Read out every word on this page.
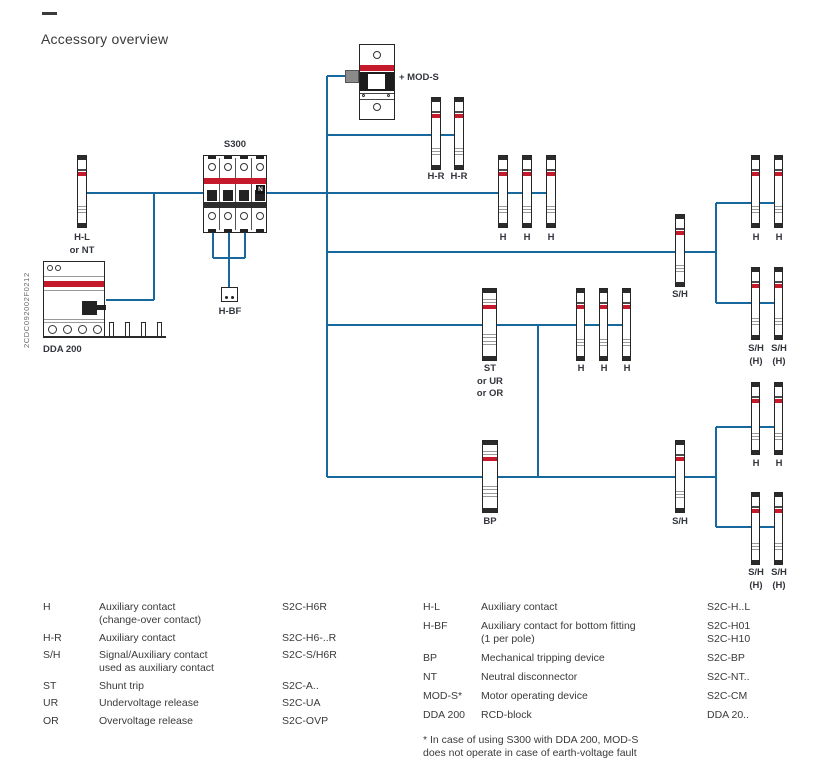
Accessory overview
2CDC092002F0212
N
H-L
or NT
DDA 200
S300
H-BF
+ MOD-S
H-R H-R
H H H
S/H
H H
S/H
(H)
S/H
(H)
ST
or UR
or OR
H H H
BP	S/H
H H
S/H
(H)
S/H
(H)
H	Auxiliary contact
(change-over contact)
S2C-H6R
H-R	Auxiliary contact	S2C-H6-..R
S/H	Signal/Auxiliary contact
used as auxiliary contact
S2C-S/H6R
ST	Shunt trip	S2C-A..
UR	Undervoltage release	S2C-UA
OR	Overvoltage release	S2C-OVP
H-L	Auxiliary contact	S2C-H..L
H-BF	Auxiliary contact for bottom fitting
(1 per pole)
S2C-H01
S2C-H10
BP	Mechanical tripping device	S2C-BP
NT	Neutral disconnector	S2C-NT..
MOD-S*	Motor operating device	S2C-CM
DDA 200	RCD-block	DDA 20..
* In case of using S300 with DDA 200, MOD-S
does not operate in case of earth-voltage fault
